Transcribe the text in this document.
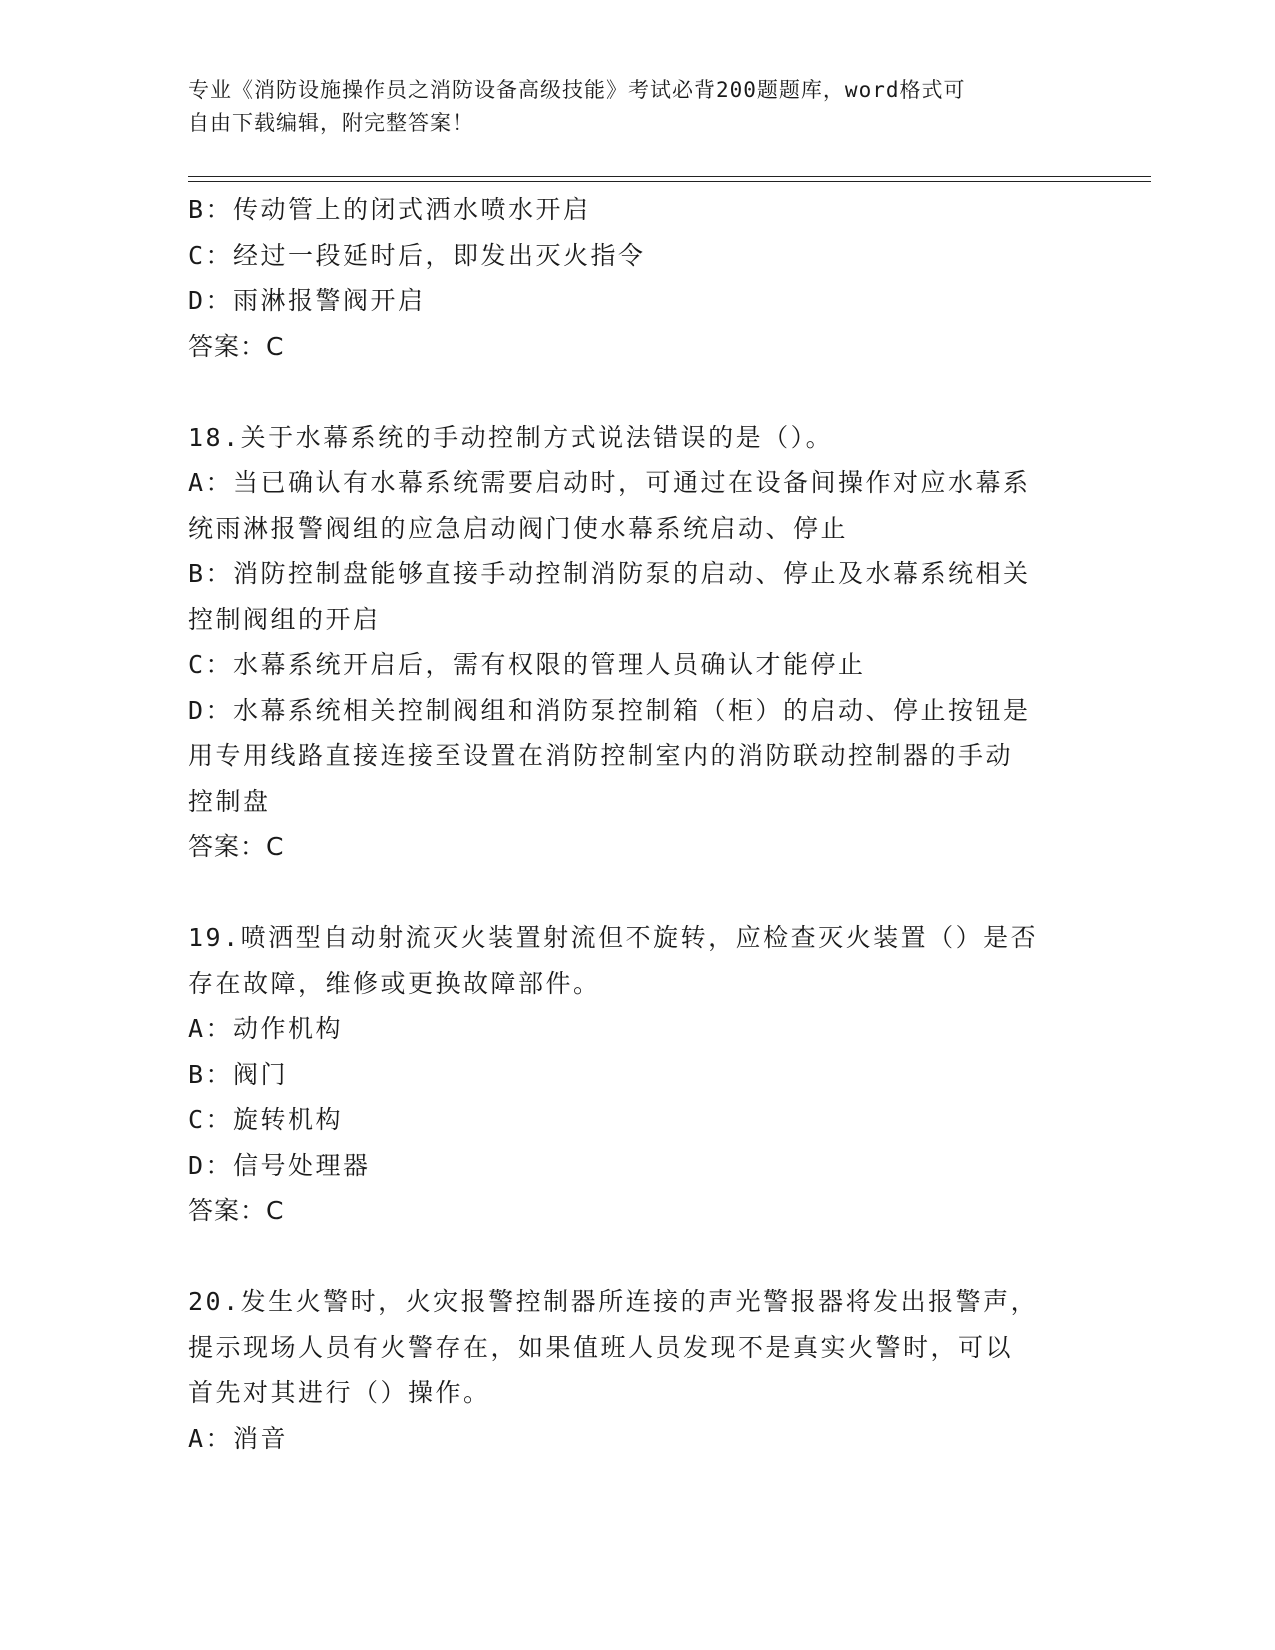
专业《消防设施操作员之消防设备高级技能》考试必背200题题库，word格式可
自由下载编辑，附完整答案！

B：传动管上的闭式洒水喷水开启

C：经过一段延时后，即发出灭火指令

D：雨淋报警阀开启

答案：C

18.关于水幕系统的手动控制方式说法错误的是（）。

A：当已确认有水幕系统需要启动时，可通过在设备间操作对应水幕系

统雨淋报警阀组的应急启动阀门使水幕系统启动、停止

B：消防控制盘能够直接手动控制消防泵的启动、停止及水幕系统相关

控制阀组的开启

C：水幕系统开启后，需有权限的管理人员确认才能停止

D：水幕系统相关控制阀组和消防泵控制箱（柜）的启动、停止按钮是

用专用线路直接连接至设置在消防控制室内的消防联动控制器的手动

控制盘

答案：C

19.喷洒型自动射流灭火装置射流但不旋转，应检查灭火装置（）是否

存在故障，维修或更换故障部件。

A：动作机构

B：阀门

C：旋转机构

D：信号处理器

答案：C

20.发生火警时，火灾报警控制器所连接的声光警报器将发出报警声，

提示现场人员有火警存在，如果值班人员发现不是真实火警时，可以

首先对其进行（）操作。

A：消音
